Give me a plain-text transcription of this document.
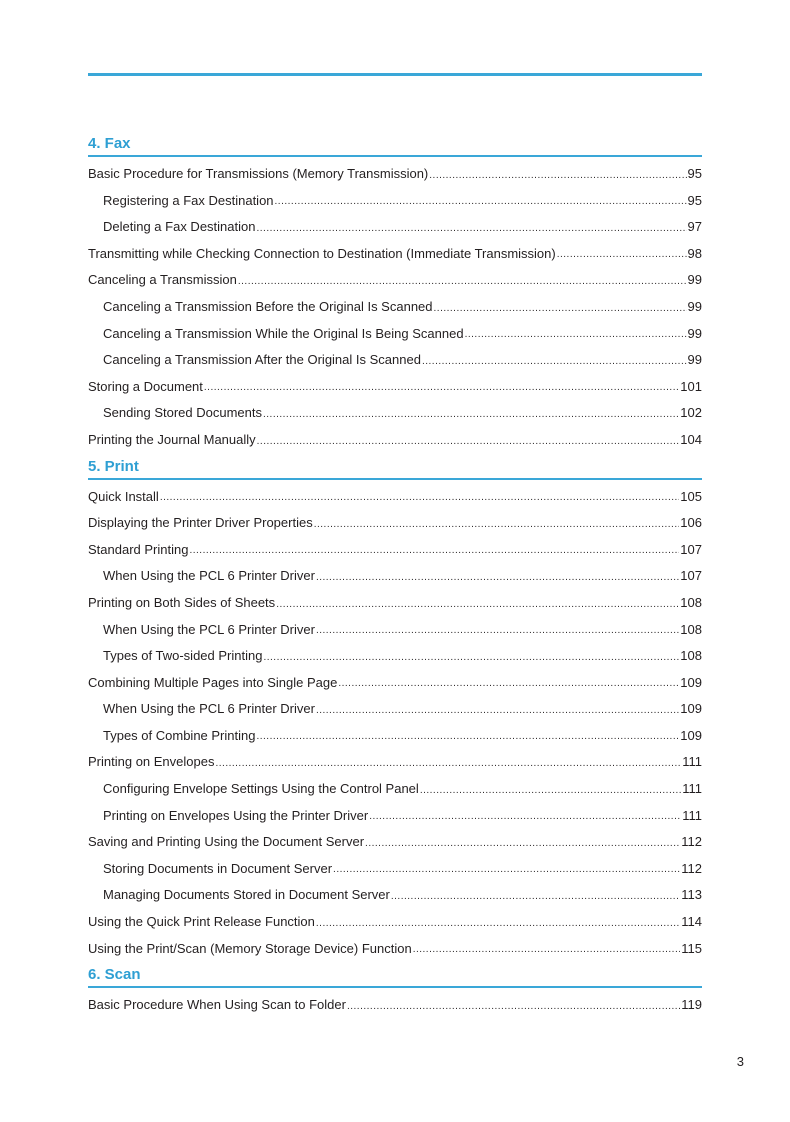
4. Fax
Basic Procedure for Transmissions (Memory Transmission) .....	95
Registering a Fax Destination .....	95
Deleting a Fax Destination .....	97
Transmitting while Checking Connection to Destination (Immediate Transmission) .....	98
Canceling a Transmission .....	99
Canceling a Transmission Before the Original Is Scanned .....	99
Canceling a Transmission While the Original Is Being Scanned .....	99
Canceling a Transmission After the Original Is Scanned .....	99
Storing a Document .....	101
Sending Stored Documents .....	102
Printing the Journal Manually .....	104
5. Print
Quick Install .....	105
Displaying the Printer Driver Properties .....	106
Standard Printing .....	107
When Using the PCL 6 Printer Driver .....	107
Printing on Both Sides of Sheets .....	108
When Using the PCL 6 Printer Driver .....	108
Types of Two-sided Printing .....	108
Combining Multiple Pages into Single Page .....	109
When Using the PCL 6 Printer Driver .....	109
Types of Combine Printing .....	109
Printing on Envelopes .....	111
Configuring Envelope Settings Using the Control Panel .....	111
Printing on Envelopes Using the Printer Driver .....	111
Saving and Printing Using the Document Server .....	112
Storing Documents in Document Server .....	112
Managing Documents Stored in Document Server .....	113
Using the Quick Print Release Function .....	114
Using the Print/Scan (Memory Storage Device) Function .....	115
6. Scan
Basic Procedure When Using Scan to Folder .....	119
3
